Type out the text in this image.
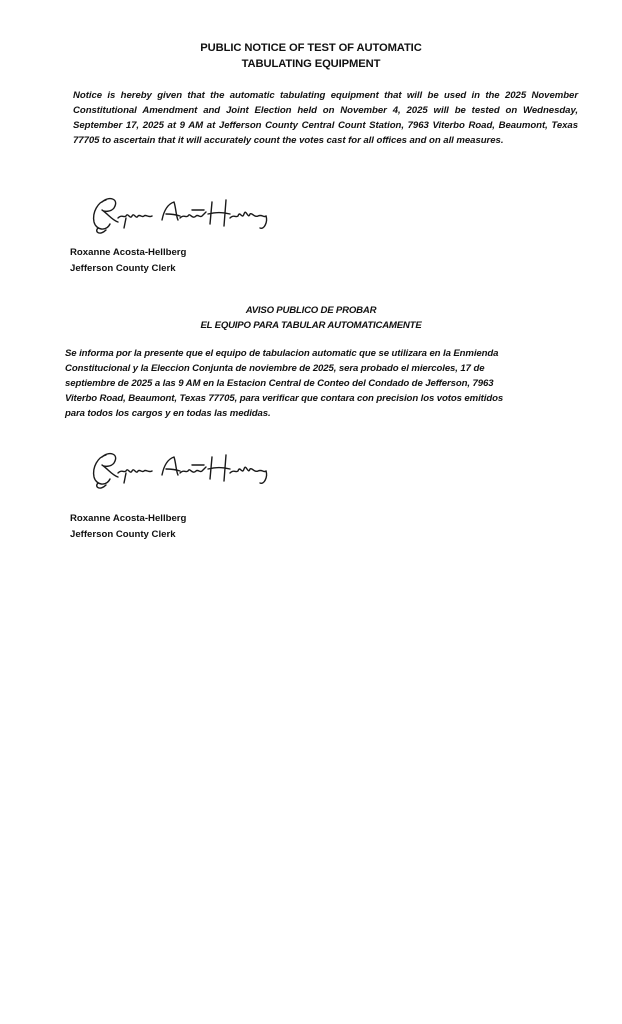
PUBLIC NOTICE OF TEST OF AUTOMATIC
TABULATING EQUIPMENT
Notice is hereby given that the automatic tabulating equipment that will be used in the 2025 November Constitutional Amendment and Joint Election held on November 4, 2025 will be tested on Wednesday, September 17, 2025 at 9 AM at Jefferson County Central Count Station, 7963 Viterbo Road, Beaumont, Texas 77705 to ascertain that it will accurately count the votes cast for all offices and on all measures.
Roxanne Acosta-Hellberg
Jefferson County Clerk
AVISO PUBLICO DE PROBAR
EL EQUIPO PARA TABULAR AUTOMATICAMENTE
Se informa por la presente que el equipo de tabulacion automatic que se utilizara en la Enmienda
Constitucional y la Eleccion Conjunta de noviembre de 2025, sera probado el miercoles, 17 de
septiembre de 2025 a las 9 AM en la Estacion Central de Conteo del Condado de Jefferson, 7963
Viterbo Road, Beaumont, Texas 77705, para verificar que contara con precision los votos emitidos
para todos los cargos y en todas las medidas.
Roxanne Acosta-Hellberg
Jefferson County Clerk
